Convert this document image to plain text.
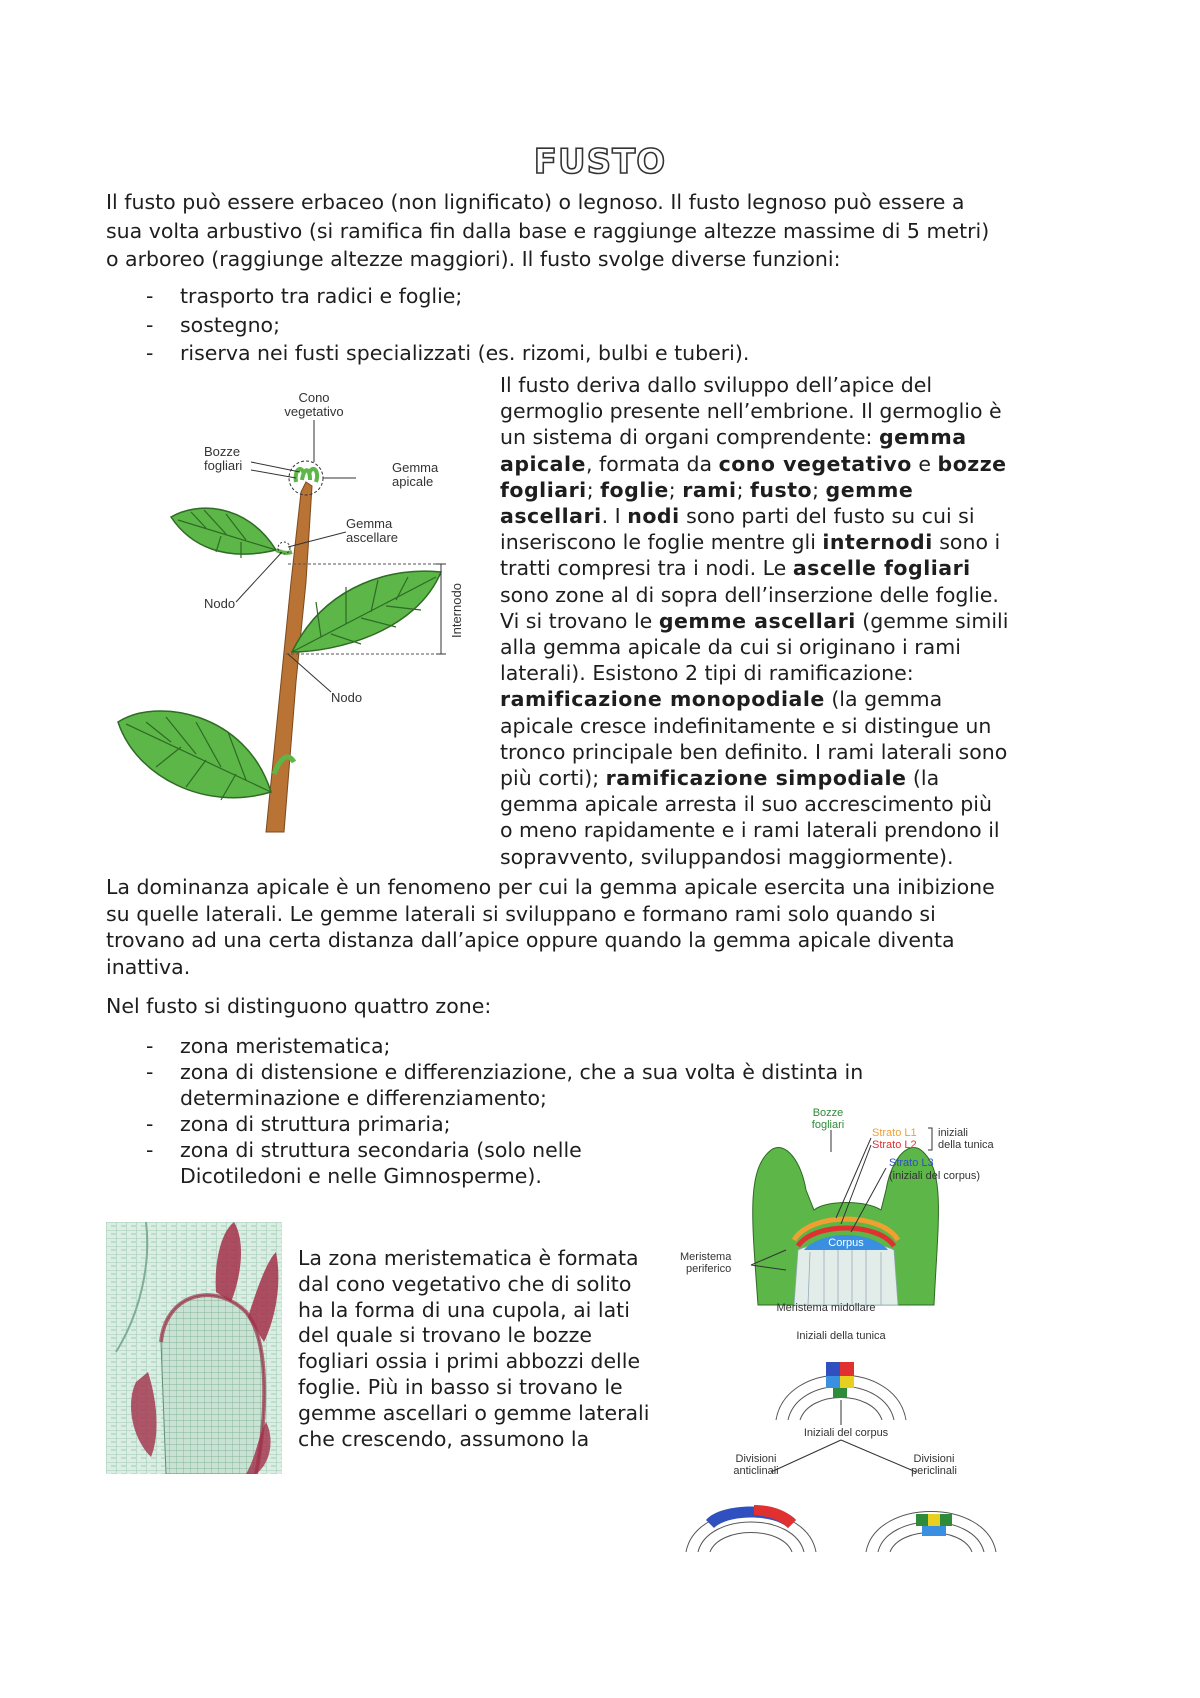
FUSTO

Il fusto può essere erbaceo (non lignificato) o legnoso. Il fusto legnoso può essere a sua volta arbustivo (si ramifica fin dalla base e raggiunge altezze massime di 5 metri) o arboreo (raggiunge altezze maggiori). Il fusto svolge diverse funzioni:

- trasporto tra radici e foglie;
- sostegno;
- riserva nei fusti specializzati (es. rizomi, bulbi e tuberi).
Cono
vegetativo
Bozze
fogliari	Gemma
apicale
Gemma
ascellare
Nodo
Nodo
Internodo

Il fusto deriva dallo sviluppo dell’apice del germoglio presente nell’embrione. Il germoglio è un sistema di organi comprendente: gemma apicale, formata da cono vegetativo e bozze fogliari; foglie; rami; fusto; gemme ascellari. I nodi sono parti del fusto su cui si inseriscono le foglie mentre gli internodi sono i tratti compresi tra i nodi. Le ascelle fogliari sono zone al di sopra dell’inserzione delle foglie. Vi si trovano le gemme ascellari (gemme simili alla gemma apicale da cui si originano i rami laterali). Esistono 2 tipi di ramificazione: ramificazione monopodiale (la gemma apicale cresce indefinitamente e si distingue un tronco principale ben definito. I rami laterali sono più corti); ramificazione simpodiale (la gemma apicale arresta il suo accrescimento più o meno rapidamente e i rami laterali prendono il sopravvento, sviluppandosi maggiormente).

La dominanza apicale è un fenomeno per cui la gemma apicale esercita una inibizione su quelle laterali. Le gemme laterali si sviluppano e formano rami solo quando si trovano ad una certa distanza dall’apice oppure quando la gemma apicale diventa inattiva.

Nel fusto si distinguono quattro zone:

- zona meristematica;
- zona di distensione e differenziazione, che a sua volta è distinta in determinazione e differenziamento;
- zona di struttura primaria;
- zona di struttura secondaria (solo nelle Dicotiledoni e nelle Gimnosperme).

La zona meristematica è formata dal cono vegetativo che di solito ha la forma di una cupola, ai lati del quale si trovano le bozze fogliari ossia i primi abbozzi delle foglie. Più in basso si trovano le gemme ascellari o gemme laterali che crescendo, assumono la

Corpus
Bozze
fogliari
Strato L1
Strato L2
iniziali
della tunica
Strato L3
(iniziali del corpus)
Meristema
periferico
Meristema midollare
Iniziali della tunica
Iniziali del corpus
Divisioni
anticlinali
Divisioni
periclinali
